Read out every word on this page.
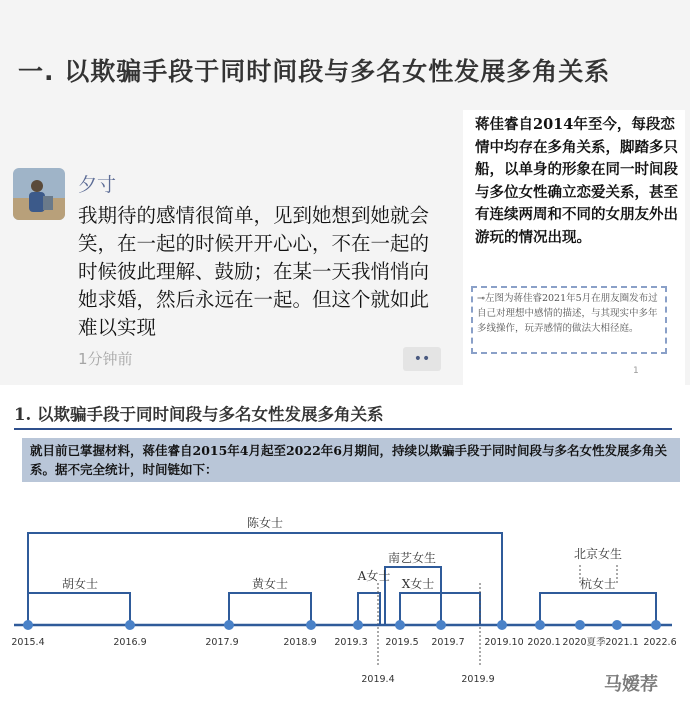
一. 以欺骗手段于同时间段与多名女性发展多角关系
夕寸
我期待的感情很简单，见到她想到她就会笑，在一起的时候开开心心，不在一起的时候彼此理解、鼓励；在某一天我悄悄向她求婚，然后永远在一起。但这个就如此难以实现
1分钟前	••
蒋佳睿自2014年至今，每段恋情中均存在多角关系，脚踏多只船，以单身的形象在同一时间段与多位女性确立恋爱关系，甚至有连续两周和不同的女朋友外出游玩的情况出现。
⊸左图为蒋佳睿2021年5月在朋友圈发布过自己对理想中感情的描述，与其现实中多年多线操作，玩弄感情的做法大相径庭。
1
1. 以欺骗手段于同时间段与多名女性发展多角关系
就目前已掌握材料，蒋佳睿自2015年4月起至2022年6月期间，持续以欺骗手段于同时间段与多名女性发展多角关系。据不完全统计，时间链如下：
陈女士
胡女士	黄女士
南艺女生
A女士
X女士
北京女生
杭女士
2015.4	2016.9	2017.9	2018.9 2019.3 2019.5 2019.7 2019.10 2020.1 2020夏季 2021.1 2022.6
2019.4	2019.9	马嫒荐
